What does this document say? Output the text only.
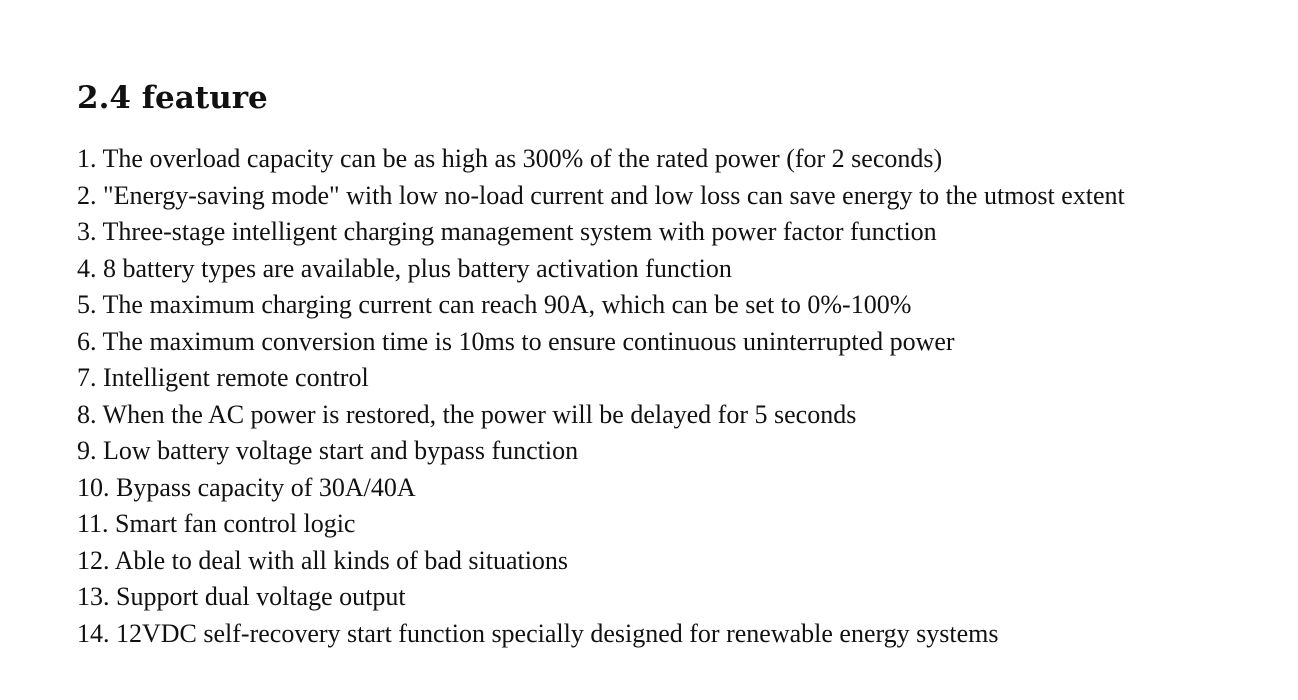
2.4 feature
1. The overload capacity can be as high as 300% of the rated power (for 2 seconds)
2. "Energy-saving mode" with low no-load current and low loss can save energy to the utmost extent
3. Three-stage intelligent charging management system with power factor function
4. 8 battery types are available, plus battery activation function
5. The maximum charging current can reach 90A, which can be set to 0%-100%
6. The maximum conversion time is 10ms to ensure continuous uninterrupted power
7. Intelligent remote control
8. When the AC power is restored, the power will be delayed for 5 seconds
9. Low battery voltage start and bypass function
10. Bypass capacity of 30A/40A
11. Smart fan control logic
12. Able to deal with all kinds of bad situations
13. Support dual voltage output
14. 12VDC self-recovery start function specially designed for renewable energy systems
